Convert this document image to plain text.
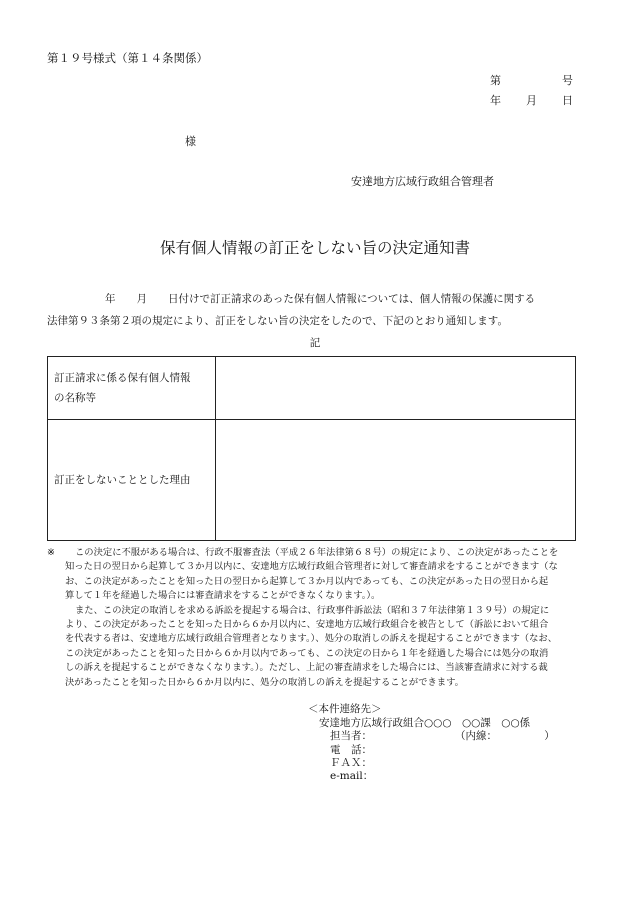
第１９号様式（第１４条関係）
第	号
年 月 日
様
安達地方広域行政組合管理者
保有個人情報の訂正をしない旨の決定通知書
年　　月　　日付けで訂正請求のあった保有個人情報については、個人情報の保護に関する
法律第９３条第２項の規定により、訂正をしない旨の決定をしたので、下記のとおり通知します。
記
訂正請求に係る保有個人情報
の名称等	

訂正をしないこととした理由	
※	この決定に不服がある場合は、行政不服審査法（平成２６年法律第６８号）の規定により、この決定があったことを
知った日の翌日から起算して３か月以内に、安達地方広域行政組合管理者に対して審査請求をすることができます（な
お、この決定があったことを知った日の翌日から起算して３か月以内であっても、この決定があった日の翌日から起
算して１年を経過した場合には審査請求をすることができなくなります。）。
また、この決定の取消しを求める訴訟を提起する場合は、行政事件訴訟法（昭和３７年法律第１３９号）の規定に
より、この決定があったことを知った日から６か月以内に、安達地方広域行政組合を被告として（訴訟において組合
を代表する者は、安達地方広域行政組合管理者となります。）、処分の取消しの訴えを提起することができます（なお、
この決定があったことを知った日から６か月以内であっても、この決定の日から１年を経過した場合には処分の取消
しの訴えを提起することができなくなります。）。ただし、上記の審査請求をした場合には、当該審査請求に対する裁
決があったことを知った日から６か月以内に、処分の取消しの訴えを提起することができます。
＜本件連絡先＞
安達地方広域行政組合○○○　○○課　○○係
担当者：	（内線：　　　　　）
電　話：
ＦＡＸ：
e-mail：
